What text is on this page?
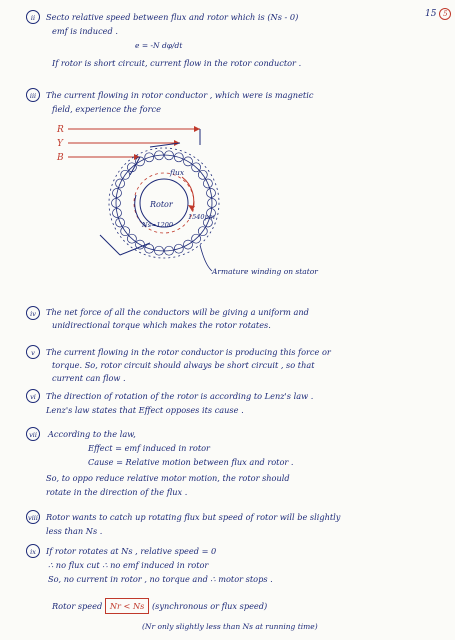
15 5
ii	Secto relative speed between flux and rotor which is (Ns - 0)
emf is induced .
e = -N dφ/dt
If rotor is short circuit, current flow in the rotor conductor .
iii	The current flowing in rotor conductor , which were is magnetic
field, experience the force
R
Y
B
Rotor
flux
Ns=1200
1540pm
Armature winding on stator
iv	The net force of all the conductors will be giving a uniform and
unidirectional torque which makes the rotor rotates.
v	The current flowing in the rotor conductor is producing this force or
torque. So, rotor circuit should always be short circuit , so that
current can flow .
vi	The direction of rotation of the rotor is according to Lenz's law .
Lenz's law states that Effect opposes its cause .
vii	According to the law,
Effect = emf induced in rotor
Cause = Relative motion between flux and rotor .
So, to oppo reduce relative motor motion, the rotor should
rotate in the direction of the flux .
viii Rotor wants to catch up rotating flux but speed of rotor will be slightly
less than Ns .
ix	If rotor rotates at Ns , relative speed = 0
∴ no flux cut ∴ no emf induced in rotor
So, no current in rotor , no torque and ∴ motor stops .
Rotor speed Nr < Ns (synchronous or flux speed)
(Nr only slightly less than Ns at running time)
